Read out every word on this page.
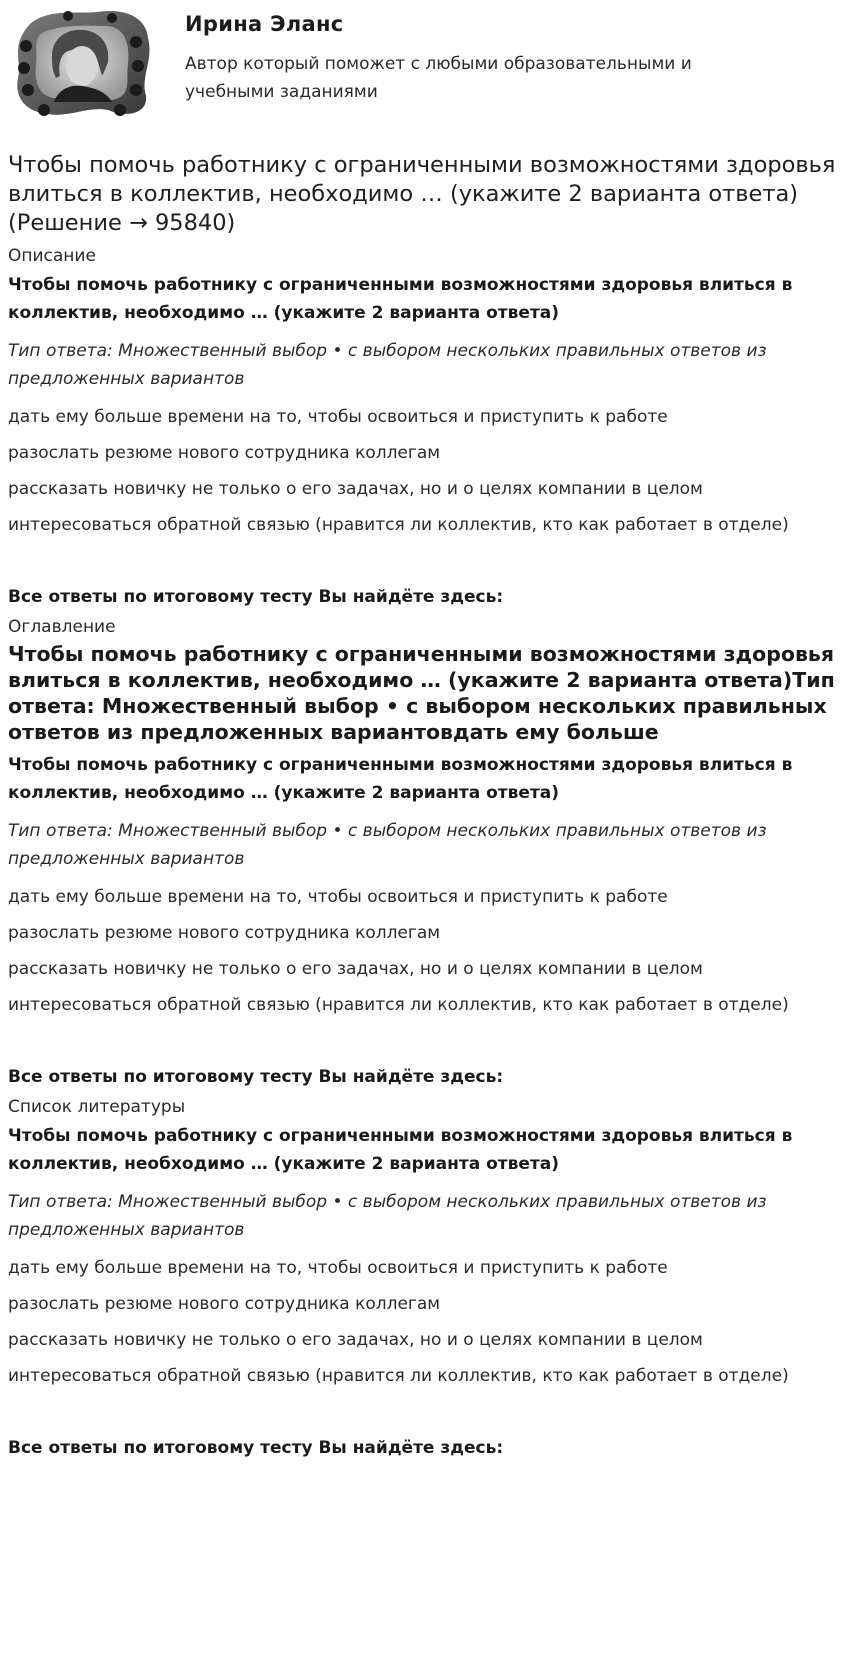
Ирина Эланс
Автор который поможет с любыми образовательными и учебными заданиями
Чтобы помочь работнику с ограниченными возможностями здоровья влиться в коллектив, необходимо … (укажите 2 варианта ответа) (Решение → 95840)

Описание

Чтобы помочь работнику с ограниченными возможностями здоровья влиться в коллектив, необходимо … (укажите 2 варианта ответа)

Тип ответа: Множественный выбор • с выбором нескольких правильных ответов из предложенных вариантов

дать ему больше времени на то, чтобы освоиться и приступить к работе

разослать резюме нового сотрудника коллегам

рассказать новичку не только о его задачах, но и о целях компании в целом

интересоваться обратной связью (нравится ли коллектив, кто как работает в отделе)

Все ответы по итоговому тесту Вы найдёте здесь:

Оглавление

Чтобы помочь работнику с ограниченными возможностями здоровья влиться в коллектив, необходимо … (укажите 2 варианта ответа)Тип ответа: Множественный выбор • с выбором нескольких правильных ответов из предложенных вариантовдать ему больше

Чтобы помочь работнику с ограниченными возможностями здоровья влиться в коллектив, необходимо … (укажите 2 варианта ответа)

Тип ответа: Множественный выбор • с выбором нескольких правильных ответов из предложенных вариантов

дать ему больше времени на то, чтобы освоиться и приступить к работе

разослать резюме нового сотрудника коллегам

рассказать новичку не только о его задачах, но и о целях компании в целом

интересоваться обратной связью (нравится ли коллектив, кто как работает в отделе)

Все ответы по итоговому тесту Вы найдёте здесь:

Список литературы

Чтобы помочь работнику с ограниченными возможностями здоровья влиться в коллектив, необходимо … (укажите 2 варианта ответа)

Тип ответа: Множественный выбор • с выбором нескольких правильных ответов из предложенных вариантов

дать ему больше времени на то, чтобы освоиться и приступить к работе

разослать резюме нового сотрудника коллегам

рассказать новичку не только о его задачах, но и о целях компании в целом

интересоваться обратной связью (нравится ли коллектив, кто как работает в отделе)

Все ответы по итоговому тесту Вы найдёте здесь:
